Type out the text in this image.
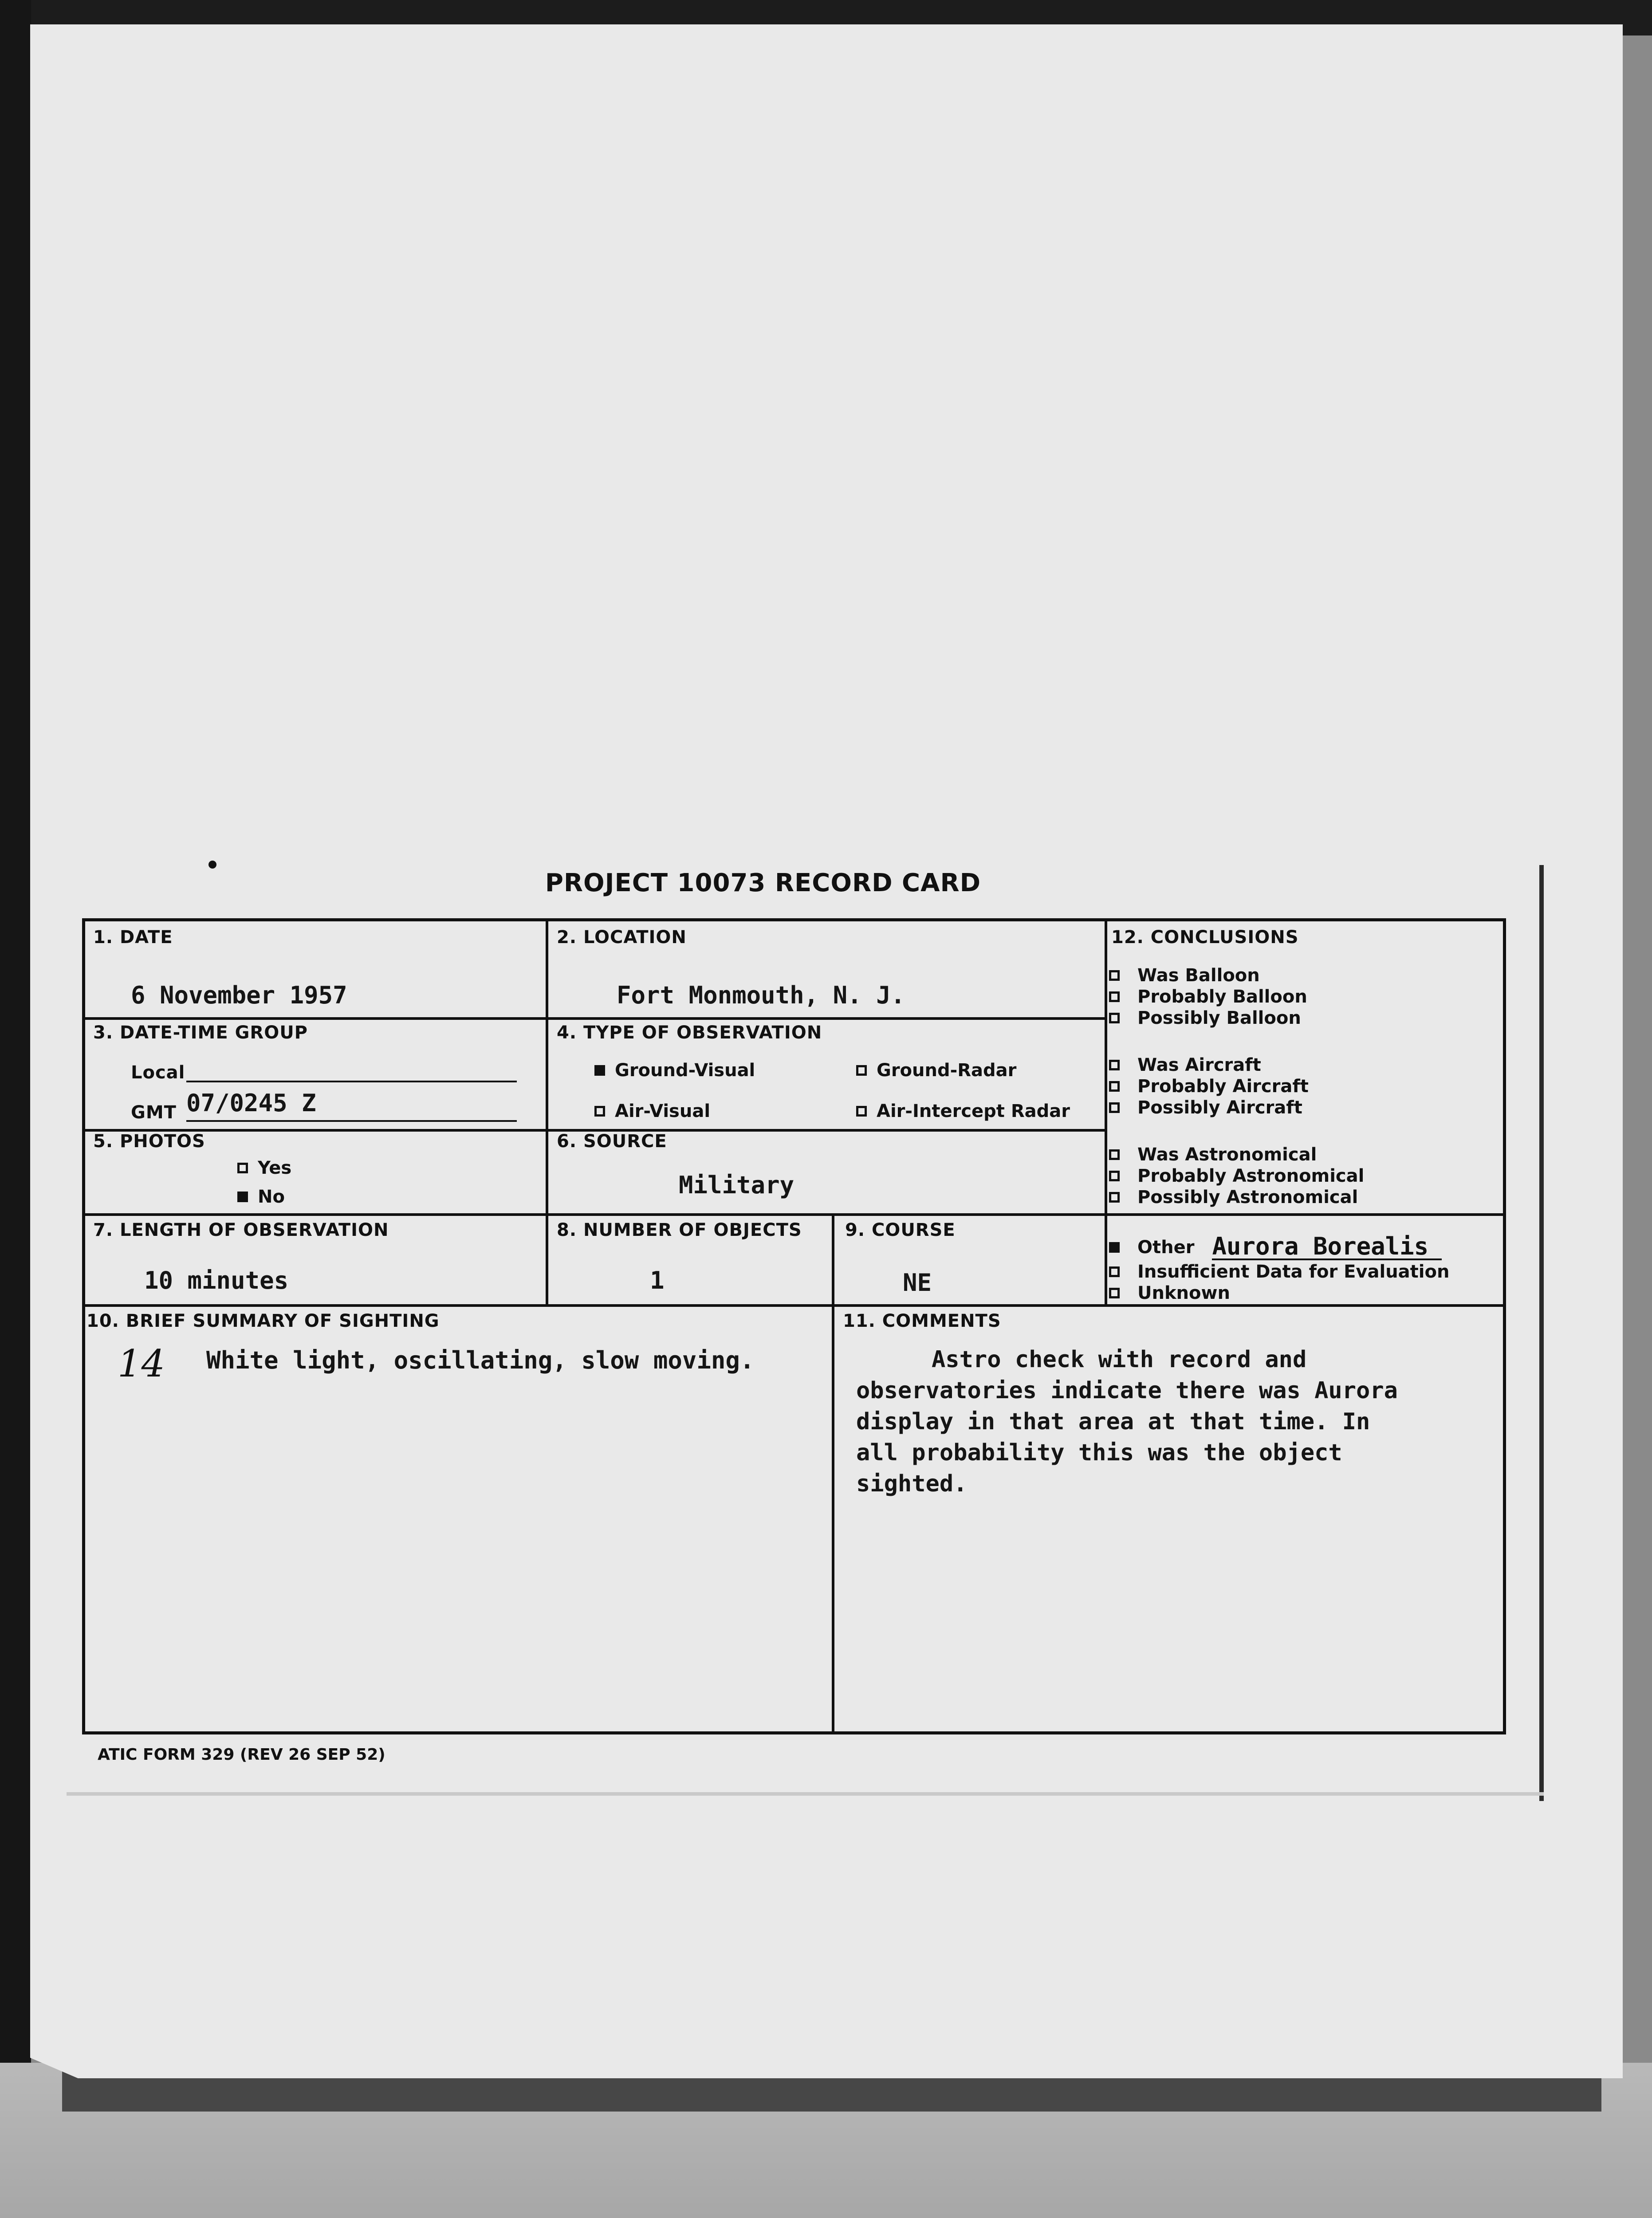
PROJECT 10073 RECORD CARD
1. DATE
6 November 1957
2. LOCATION
Fort Monmouth, N. J.
3. DATE-TIME GROUP
Local
GMT 07/0245 Z
4. TYPE OF OBSERVATION
Ground-Visual	Ground-Radar
Air-Visual	Air-Intercept Radar
5. PHOTOS
Yes
No
6. SOURCE
Military
7. LENGTH OF OBSERVATION
10 minutes
8. NUMBER OF OBJECTS
1
9. COURSE
NE
10. BRIEF SUMMARY OF SIGHTING
14 White light, oscillating, slow moving.
11. COMMENTS
Astro check with record and
observatories indicate there was Aurora
display in that area at that time. In
all probability this was the object
sighted.
12. CONCLUSIONS
Was Balloon
Probably Balloon
Possibly Balloon
Was Aircraft
Probably Aircraft
Possibly Aircraft
Was Astronomical
Probably Astronomical
Possibly Astronomical
Other Aurora Borealis
Insufficient Data for Evaluation
Unknown
ATIC FORM 329 (REV 26 SEP 52)
